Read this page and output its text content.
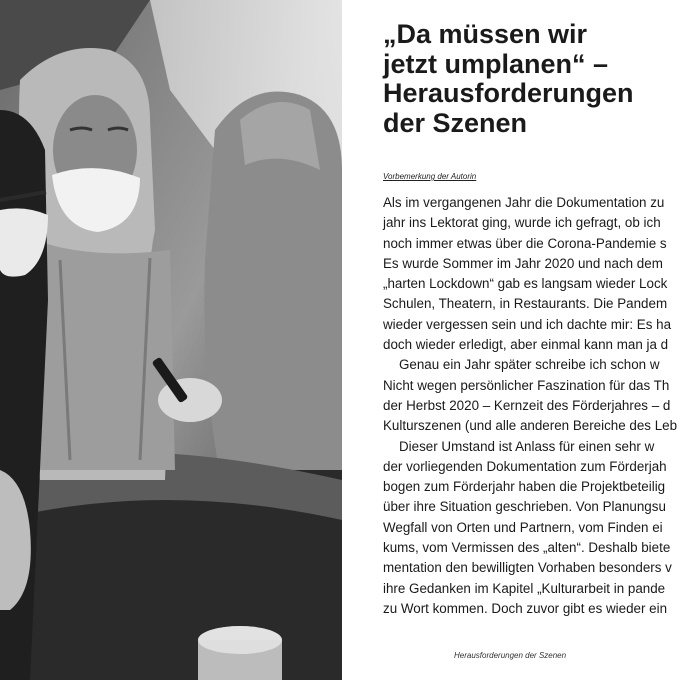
„Da müssen wir
jetzt umplanen“ –
Herausforderungen
der Szenen
Vorbemerkung der Autorin
Als im vergangenen Jahr die Dokumentation zu
jahr ins Lektorat ging, wurde ich gefragt, ob ich
noch immer etwas über die Corona-Pandemie s
Es wurde Sommer im Jahr 2020 und nach dem
„harten Lockdown“ gab es langsam wieder Lock
Schulen, Theatern, in Restaurants. Die Pandem
wieder vergessen sein und ich dachte mir: Es ha
doch wieder erledigt, aber einmal kann man ja d
Genau ein Jahr später schreibe ich schon w
Nicht wegen persönlicher Faszination für das Th
der Herbst 2020 – Kernzeit des Förderjahres – d
Kulturszenen (und alle anderen Bereiche des Leb
Dieser Umstand ist Anlass für einen sehr w
der vorliegenden Dokumentation zum Förderjah
bogen zum Förderjahr haben die Projektbeteilig
über ihre Situation geschrieben. Von Planungsu
Wegfall von Orten und Partnern, vom Finden ei
kums, vom Vermissen des „alten“. Deshalb biete
mentation den bewilligten Vorhaben besonders v
ihre Gedanken im Kapitel „Kulturarbeit in pande
zu Wort kommen. Doch zuvor gibt es wieder ein
Herausforderungen der Szenen
